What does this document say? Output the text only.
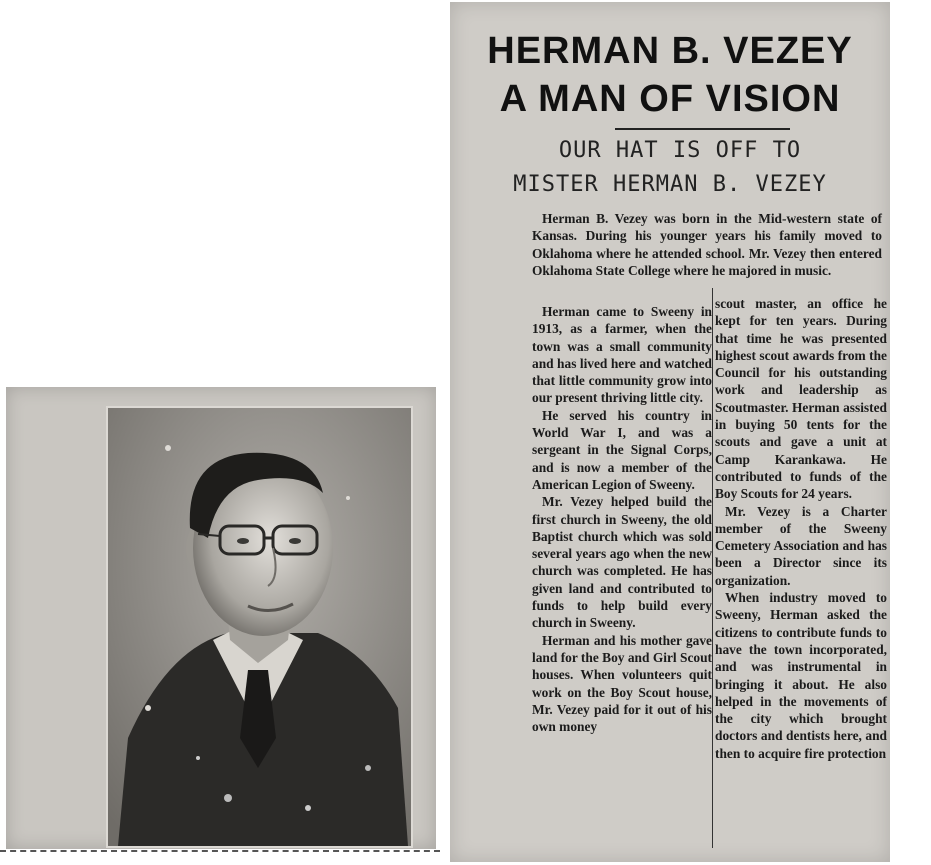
HERMAN B. VEZEY
A MAN OF VISION
OUR HAT IS OFF TO
MISTER HERMAN B. VEZEY

Herman B. Vezey was born in the Mid-western state of Kansas. During his younger years his family moved to Oklahoma where he attended school. Mr. Vezey then entered Oklahoma State College where he majored in music.

Herman came to Sweeny in 1913, as a farmer, when the town was a small community and has lived here and watched that little community grow into our present thriving little city.

He served his country in World War I, and was a sergeant in the Signal Corps, and is now a member of the American Legion of Sweeny.

Mr. Vezey helped build the first church in Sweeny, the old Baptist church which was sold several years ago when the new church was completed. He has given land and contributed to funds to help build every church in Sweeny.

Herman and his mother gave land for the Boy and Girl Scout houses. When volunteers quit work on the Boy Scout house, Mr. Vezey paid for it out of his own money

scout master, an office he kept for ten years. During that time he was presented highest scout awards from the Council for his outstanding work and leadership as Scoutmaster. Herman assisted in buying 50 tents for the scouts and gave a unit at Camp Karankawa. He contributed to funds of the Boy Scouts for 24 years.

Mr. Vezey is a Charter member of the Sweeny Cemetery Association and has been a Director since its organization.

When industry moved to Sweeny, Herman asked the citizens to contribute funds to have the town incorporated, and was instrumental in bringing it about. He also helped in the movements of the city which brought doctors and dentists here, and then to acquire fire protection
